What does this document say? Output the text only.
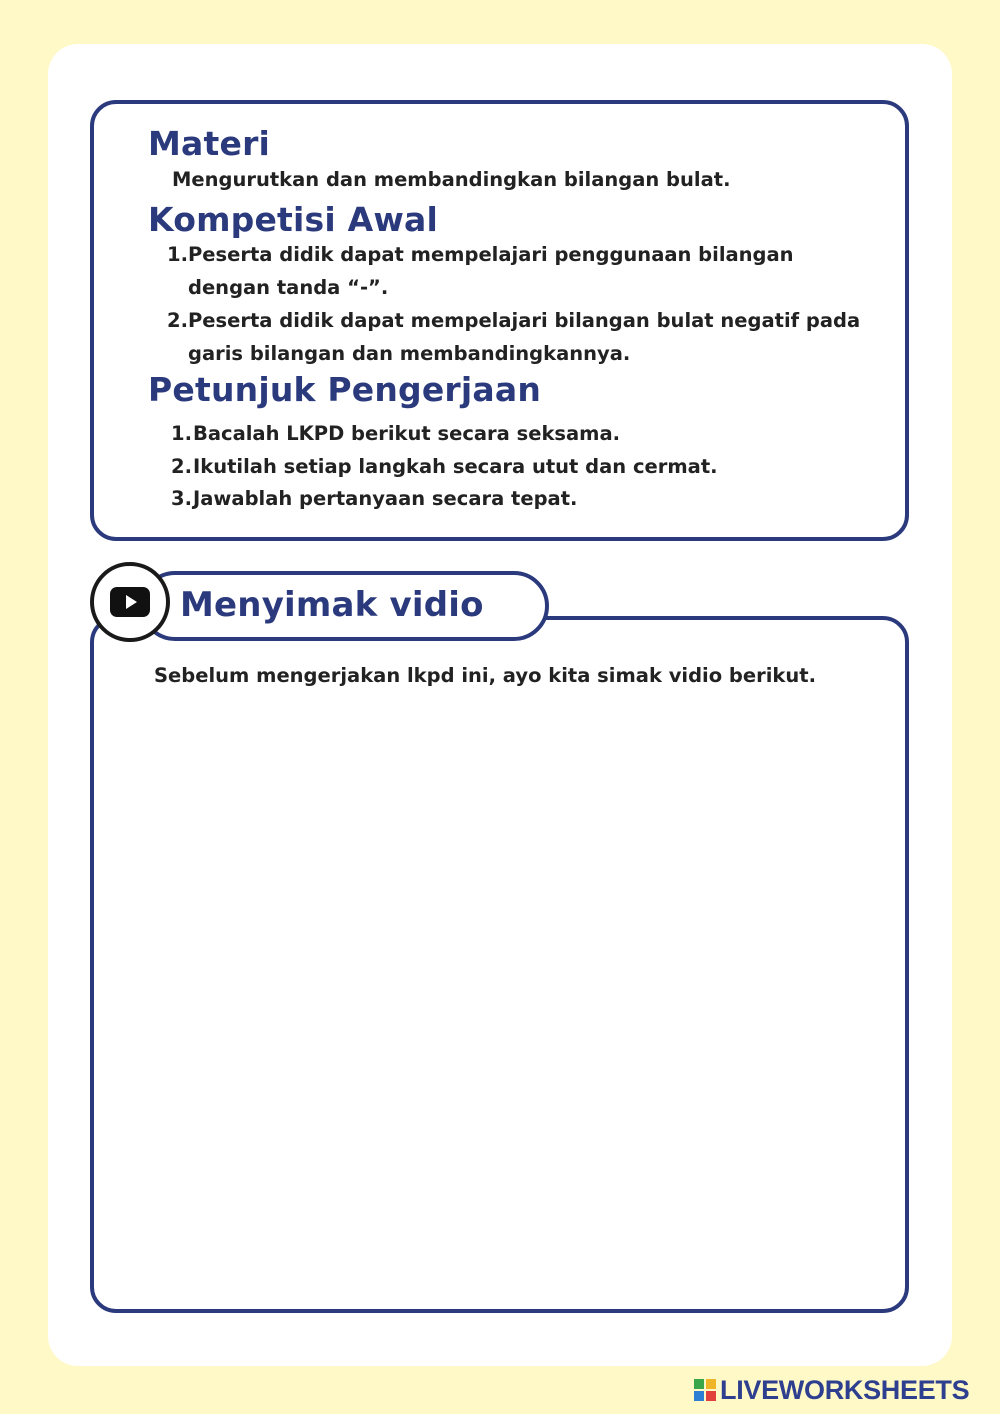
Materi

Mengurutkan dan membandingkan bilangan bulat.

Kompetisi Awal
1. Peserta didik dapat mempelajari penggunaan bilangan
dengan tanda “-”.
2. Peserta didik dapat mempelajari bilangan bulat negatif pada
garis bilangan dan membandingkannya.
Petunjuk Pengerjaan
1. Bacalah LKPD berikut secara seksama.
2. Ikutilah setiap langkah secara utut dan cermat.
3. Jawablah pertanyaan secara tepat.
Menyimak vidio

Sebelum mengerjakan lkpd ini, ayo kita simak vidio berikut.

LIVEWORKSHEETS
